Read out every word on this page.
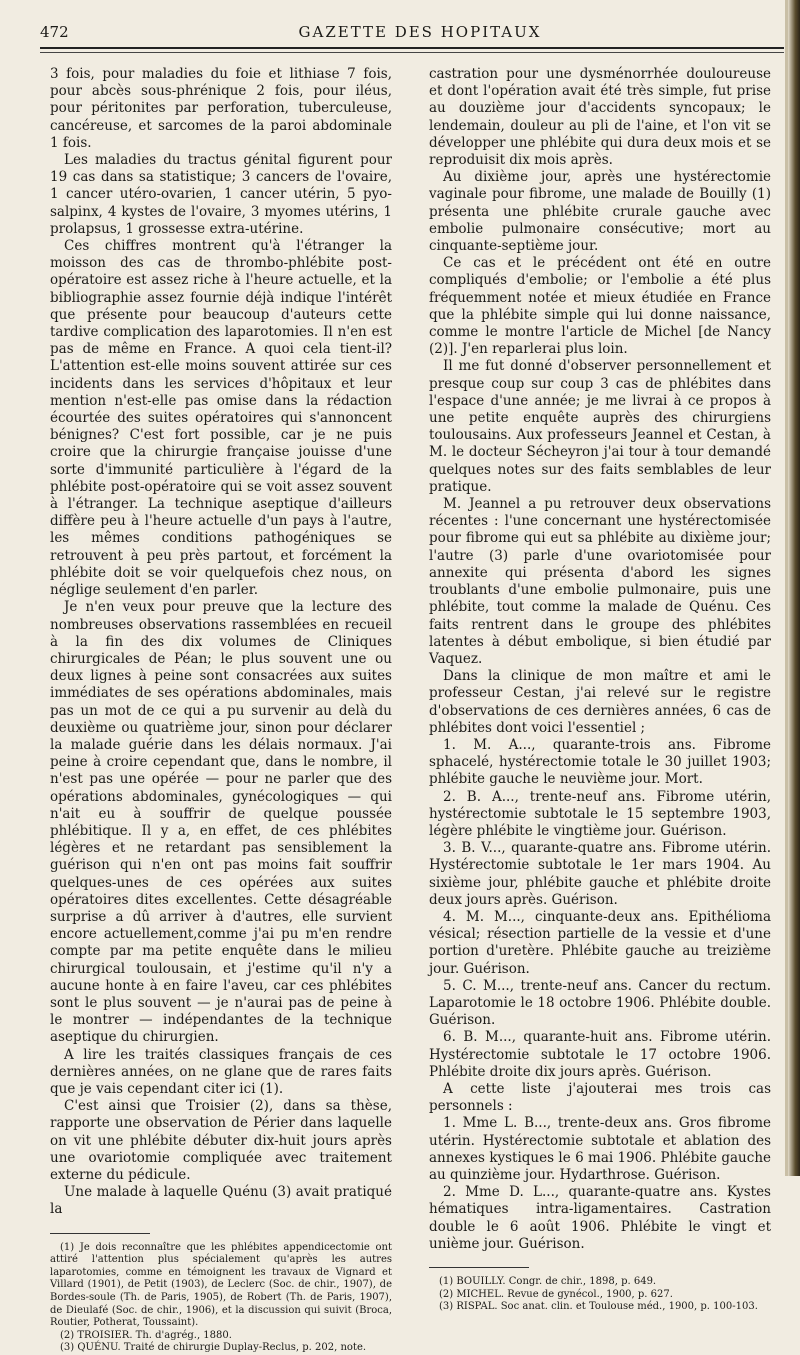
472	GAZETTE DES HOPITAUX

3 fois, pour maladies du foie et lithiase 7 fois, pour abcès sous-phrénique 2 fois, pour iléus, pour péritonites par perforation, tuberculeuse, cancéreuse, et sarcomes de la paroi abdominale 1 fois.

Les maladies du tractus génital figurent pour 19 cas dans sa statistique; 3 cancers de l'ovaire, 1 cancer utéro-ovarien, 1 cancer utérin, 5 pyo-salpinx, 4 kystes de l'ovaire, 3 myomes utérins, 1 prolapsus, 1 grossesse extra-utérine.

Ces chiffres montrent qu'à l'étranger la moisson des cas de thrombo-phlébite post-opératoire est assez riche à l'heure actuelle, et la bibliographie assez fournie déjà indique l'intérêt que présente pour beaucoup d'auteurs cette tardive complication des laparotomies. Il n'en est pas de même en France. A quoi cela tient-il? L'attention est-elle moins souvent attirée sur ces incidents dans les services d'hôpitaux et leur mention n'est-elle pas omise dans la rédaction écourtée des suites opératoires qui s'annoncent bénignes? C'est fort possible, car je ne puis croire que la chirurgie française jouisse d'une sorte d'immunité particulière à l'égard de la phlébite post-opératoire qui se voit assez souvent à l'étranger. La technique aseptique d'ailleurs diffère peu à l'heure actuelle d'un pays à l'autre, les mêmes conditions pathogéniques se retrouvent à peu près partout, et forcément la phlébite doit se voir quelquefois chez nous, on néglige seulement d'en parler.

Je n'en veux pour preuve que la lecture des nombreuses observations rassemblées en recueil à la fin des dix volumes de Cliniques chirurgicales de Péan; le plus souvent une ou deux lignes à peine sont consacrées aux suites immédiates de ses opérations abdominales, mais pas un mot de ce qui a pu survenir au delà du deuxième ou quatrième jour, sinon pour déclarer la malade guérie dans les délais normaux. J'ai peine à croire cependant que, dans le nombre, il n'est pas une opérée — pour ne parler que des opérations abdominales, gynécologiques — qui n'ait eu à souffrir de quelque poussée phlébitique. Il y a, en effet, de ces phlébites légères et ne retardant pas sensiblement la guérison qui n'en ont pas moins fait souffrir quelques-unes de ces opérées aux suites opératoires dites excellentes. Cette désagréable surprise a dû arriver à d'autres, elle survient encore actuellement,comme j'ai pu m'en rendre compte par ma petite enquête dans le milieu chirurgical toulousain, et j'estime qu'il n'y a aucune honte à en faire l'aveu, car ces phlébites sont le plus souvent — je n'aurai pas de peine à le montrer — indépendantes de la technique aseptique du chirurgien.

A lire les traités classiques français de ces dernières années, on ne glane que de rares faits que je vais cependant citer ici (1).

C'est ainsi que Troisier (2), dans sa thèse, rapporte une observation de Périer dans laquelle on vit une phlébite débuter dix-huit jours après une ovariotomie compliquée avec traitement externe du pédicule.

Une malade à laquelle Quénu (3) avait pratiqué la

(1) Je dois reconnaître que les phlébites appendicectomie ont attiré l'attention plus spécialement qu'après les autres laparotomies, comme en témoignent les travaux de Vignard et Villard (1901), de Petit (1903), de Leclerc (Soc. de chir., 1907), de Bordes-soule (Th. de Paris, 1905), de Robert (Th. de Paris, 1907), de Dieulafé (Soc. de chir., 1906), et la discussion qui suivit (Broca, Routier, Potherat, Toussaint).

(2) TROISIER. Th. d'agrég., 1880.

(3) QUÉNU. Traité de chirurgie Duplay-Reclus, p. 202, note.

castration pour une dysménorrhée douloureuse et dont l'opération avait été très simple, fut prise au douzième jour d'accidents syncopaux; le lendemain, douleur au pli de l'aine, et l'on vit se développer une phlébite qui dura deux mois et se reproduisit dix mois après.

Au dixième jour, après une hystérectomie vaginale pour fibrome, une malade de Bouilly (1) présenta une phlébite crurale gauche avec embolie pulmonaire consécutive; mort au cinquante-septième jour.

Ce cas et le précédent ont été en outre compliqués d'embolie; or l'embolie a été plus fréquemment notée et mieux étudiée en France que la phlébite simple qui lui donne naissance, comme le montre l'article de Michel [de Nancy (2)]. J'en reparlerai plus loin.

Il me fut donné d'observer personnellement et presque coup sur coup 3 cas de phlébites dans l'espace d'une année; je me livrai à ce propos à une petite enquête auprès des chirurgiens toulousains. Aux professeurs Jeannel et Cestan, à M. le docteur Sécheyron j'ai tour à tour demandé quelques notes sur des faits semblables de leur pratique.

M. Jeannel a pu retrouver deux observations récentes : l'une concernant une hystérectomisée pour fibrome qui eut sa phlébite au dixième jour; l'autre (3) parle d'une ovariotomisée pour annexite qui présenta d'abord les signes troublants d'une embolie pulmonaire, puis une phlébite, tout comme la malade de Quénu. Ces faits rentrent dans le groupe des phlébites latentes à début embolique, si bien étudié par Vaquez.

Dans la clinique de mon maître et ami le professeur Cestan, j'ai relevé sur le registre d'observations de ces dernières années, 6 cas de phlébites dont voici l'essentiel ;

1. M. A..., quarante-trois ans. Fibrome sphacelé, hystérectomie totale le 30 juillet 1903; phlébite gauche le neuvième jour. Mort.

2. B. A..., trente-neuf ans. Fibrome utérin, hystérectomie subtotale le 15 septembre 1903, légère phlébite le vingtième jour. Guérison.

3. B. V..., quarante-quatre ans. Fibrome utérin. Hystérectomie subtotale le 1er mars 1904. Au sixième jour, phlébite gauche et phlébite droite deux jours après. Guérison.

4. M. M..., cinquante-deux ans. Epithélioma vésical; résection partielle de la vessie et d'une portion d'uretère. Phlébite gauche au treizième jour. Guérison.

5. C. M..., trente-neuf ans. Cancer du rectum. Laparotomie le 18 octobre 1906. Phlébite double. Guérison.

6. B. M..., quarante-huit ans. Fibrome utérin. Hystérectomie subtotale le 17 octobre 1906. Phlébite droite dix jours après. Guérison.

A cette liste j'ajouterai mes trois cas personnels :

1. Mme L. B..., trente-deux ans. Gros fibrome utérin. Hystérectomie subtotale et ablation des annexes kystiques le 6 mai 1906. Phlébite gauche au quinzième jour. Hydarthrose. Guérison.

2. Mme D. L..., quarante-quatre ans. Kystes hématiques intra-ligamentaires. Castration double le 6 août 1906. Phlébite le vingt et unième jour. Guérison.

(1) BOUILLY. Congr. de chir., 1898, p. 649.

(2) MICHEL. Revue de gynécol., 1900, p. 627.

(3) RISPAL. Soc anat. clin. et Toulouse méd., 1900, p. 100-103.
